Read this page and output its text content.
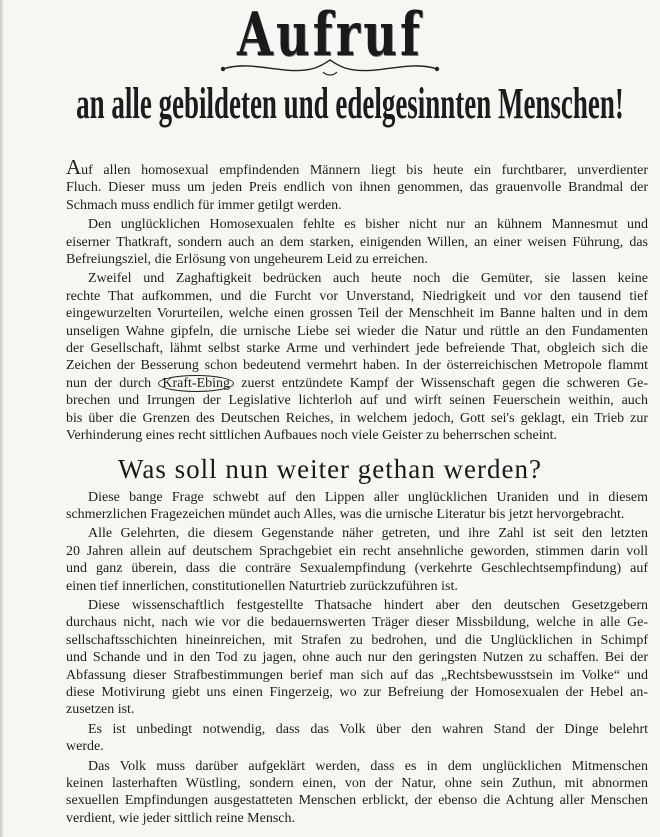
Aufruf
an alle gebildeten und edelgesinnten Menschen!
Auf allen homosexual empfindenden Männern liegt bis heute ein furchtbarer, unverdienter
Fluch. Dieser muss um jeden Preis endlich von ihnen genommen, das grauenvolle Brandmal der
Schmach muss endlich für immer getilgt werden.
Den unglücklichen Homosexualen fehlte es bisher nicht nur an kühnem Mannesmut und
eiserner Thatkraft, sondern auch an dem starken, einigenden Willen, an einer weisen Führung, das
Befreiungsziel, die Erlösung von ungeheurem Leid zu erreichen.
Zweifel und Zaghaftigkeit bedrücken auch heute noch die Gemüter, sie lassen keine
rechte That aufkommen, und die Furcht vor Unverstand, Niedrigkeit und vor den tausend tief
eingewurzelten Vorurteilen, welche einen grossen Teil der Menschheit im Banne halten und in dem
unseligen Wahne gipfeln, die urnische Liebe sei wieder die Natur und rüttle an den Fundamenten
der Gesellschaft, lähmt selbst starke Arme und verhindert jede befreiende That, obgleich sich die
Zeichen der Besserung schon bedeutend vermehrt haben. In der österreichischen Metropole flammt
nun der durch Kraft-Ebing zuerst entzündete Kampf der Wissenschaft gegen die schweren Ge-
brechen und Irrungen der Legislative lichterloh auf und wirft seinen Feuerschein weithin, auch
bis über die Grenzen des Deutschen Reiches, in welchem jedoch, Gott sei's geklagt, ein Trieb zur
Verhinderung eines recht sittlichen Aufbaues noch viele Geister zu beherrschen scheint.
Was soll nun weiter gethan werden?
Diese bange Frage schwebt auf den Lippen aller unglücklichen Uraniden und in diesem
schmerzlichen Fragezeichen mündet auch Alles, was die urnische Literatur bis jetzt hervorgebracht.
Alle Gelehrten, die diesem Gegenstande näher getreten, und ihre Zahl ist seit den letzten
20 Jahren allein auf deutschem Sprachgebiet ein recht ansehnliche geworden, stimmen darin voll
und ganz überein, dass die conträre Sexualempfindung (verkehrte Geschlechtsempfindung) auf
einen tief innerlichen, constitutionellen Naturtrieb zurückzuführen ist.
Diese wissenschaftlich festgestellte Thatsache hindert aber den deutschen Gesetzgebern
durchaus nicht, nach wie vor die bedauernswerten Träger dieser Missbildung, welche in alle Ge-
sellschaftsschichten hineinreichen, mit Strafen zu bedrohen, und die Unglücklichen in Schimpf
und Schande und in den Tod zu jagen, ohne auch nur den geringsten Nutzen zu schaffen. Bei der
Abfassung dieser Strafbestimmungen berief man sich auf das „Rechtsbewusstsein im Volke“ und
diese Motivirung giebt uns einen Fingerzeig, wo zur Befreiung der Homosexualen der Hebel an-
zusetzen ist.
Es ist unbedingt notwendig, dass das Volk über den wahren Stand der Dinge belehrt
werde.
Das Volk muss darüber aufgeklärt werden, dass es in dem unglücklichen Mitmenschen
keinen lasterhaften Wüstling, sondern einen, von der Natur, ohne sein Zuthun, mit abnormen
sexuellen Empfindungen ausgestatteten Menschen erblickt, der ebenso die Achtung aller Menschen
verdient, wie jeder sittlich reine Mensch.
